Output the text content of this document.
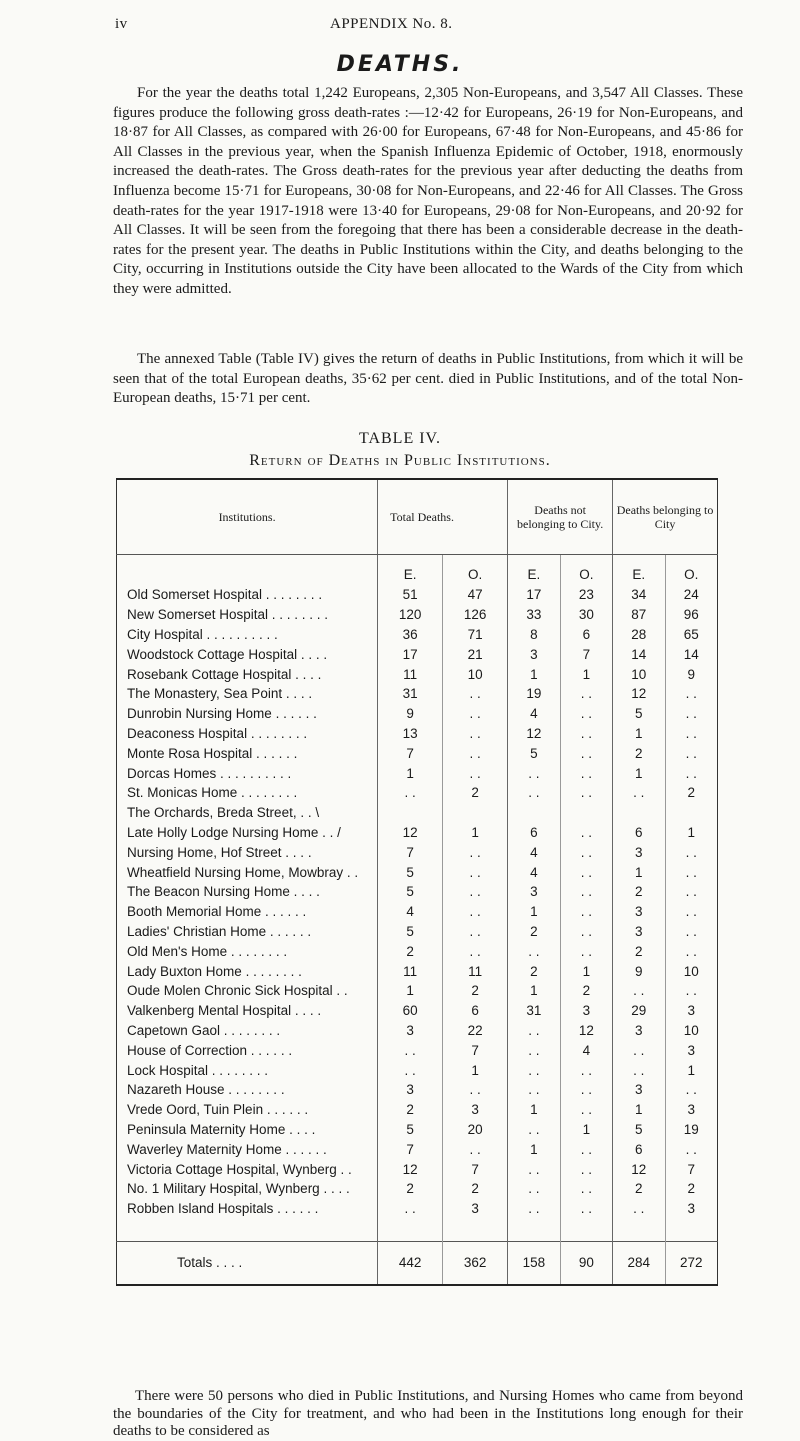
iv	APPENDIX No. 8.
DEATHS.

For the year the deaths total 1,242 Europeans, 2,305 Non-Europeans, and 3,547 All Classes. These figures produce the following gross death-rates :—12·42 for Europeans, 26·19 for Non-Europeans, and 18·87 for All Classes, as compared with 26·00 for Europeans, 67·48 for Non-Europeans, and 45·86 for All Classes in the previous year, when the Spanish Influenza Epidemic of October, 1918, enormously increased the death-rates. The Gross death-rates for the previous year after deducting the deaths from Influenza become 15·71 for Europeans, 30·08 for Non-Europeans, and 22·46 for All Classes. The Gross death-rates for the year 1917-1918 were 13·40 for Europeans, 29·08 for Non-Europeans, and 20·92 for All Classes. It will be seen from the foregoing that there has been a considerable decrease in the death-rates for the present year. The deaths in Public Institutions within the City, and deaths belonging to the City, occurring in Institutions outside the City have been allocated to the Wards of the City from which they were admitted.

The annexed Table (Table IV) gives the return of deaths in Public Institutions, from which it will be seen that of the total European deaths, 35·62 per cent. died in Public Institutions, and of the total Non-European deaths, 15·71 per cent.

TABLE IV.
Return of Deaths in Public Institutions.
Institutions.	Total Deaths.		Deaths not belonging to City.		Deaths belonging to City	
	E.	O.	E.	O.	E.	O.
Old Somerset Hospital . . . . . . . .	51	47	17	23	34	24
New Somerset Hospital . . . . . . . .	120	126	33	30	87	96
City Hospital . . . . . . . . . .	36	71	8	6	28	65
Woodstock Cottage Hospital . . . .	17	21	3	7	14	14
Rosebank Cottage Hospital . . . .	11	10	1	1	10	9
The Monastery, Sea Point . . . .	31	. .	19	. .	12	. .
Dunrobin Nursing Home . . . . . .	9	. .	4	. .	5	. .
Deaconess Hospital . . . . . . . .	13	. .	12	. .	1	. .
Monte Rosa Hospital . . . . . .	7	. .	5	. .	2	. .
Dorcas Homes . . . . . . . . . .	1	. .	. .	. .	1	. .
St. Monicas Home . . . . . . . .	. .	2	. .	. .	. .	2
The Orchards, Breda Street, . . \						
Late Holly Lodge Nursing Home . . /	12	1	6	. .	6	1
Nursing Home, Hof Street . . . .	7	. .	4	. .	3	. .
Wheatfield Nursing Home, Mowbray . .	5	. .	4	. .	1	. .
The Beacon Nursing Home . . . .	5	. .	3	. .	2	. .
Booth Memorial Home . . . . . .	4	. .	1	. .	3	. .
Ladies' Christian Home . . . . . .	5	. .	2	. .	3	. .
Old Men's Home . . . . . . . .	2	. .	. .	. .	2	. .
Lady Buxton Home . . . . . . . .	11	11	2	1	9	10
Oude Molen Chronic Sick Hospital . .	1	2	1	2	. .	. .
Valkenberg Mental Hospital . . . .	60	6	31	3	29	3
Capetown Gaol . . . . . . . .	3	22	. .	12	3	10
House of Correction . . . . . .	. .	7	. .	4	. .	3
Lock Hospital . . . . . . . .	. .	1	. .	. .	. .	1
Nazareth House . . . . . . . .	3	. .	. .	. .	3	. .
Vrede Oord, Tuin Plein . . . . . .	2	3	1	. .	1	3
Peninsula Maternity Home . . . .	5	20	. .	1	5	19
Waverley Maternity Home . . . . . .	7	. .	1	. .	6	. .
Victoria Cottage Hospital, Wynberg . .	12	7	. .	. .	12	7
No. 1 Military Hospital, Wynberg . . . .	2	2	. .	. .	2	2
Robben Island Hospitals . . . . . .	. .	3	. .	. .	. .	3

Totals . . . .	442	362	158	90	284	272

There were 50 persons who died in Public Institutions, and Nursing Homes who came from beyond the boundaries of the City for treatment, and who had been in the Institutions long enough for their deaths to be considered as
